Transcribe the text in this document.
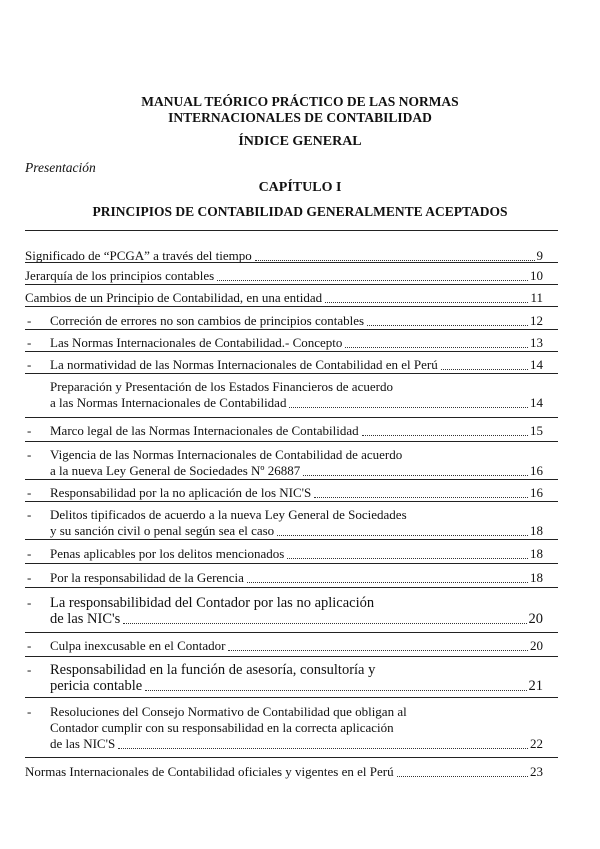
MANUAL TEÓRICO PRÁCTICO DE LAS NORMAS
INTERNACIONALES DE CONTABILIDAD
ÍNDICE GENERAL
Presentación
CAPÍTULO I
PRINCIPIOS DE CONTABILIDAD GENERALMENTE ACEPTADOS
Significado de “PCGA” a través del tiempo	9
Jerarquía de los principios contables	10
Cambios de un Principio de Contabilidad, en una entidad	11
Correción de errores no son cambios de principios contables	12
-
Las Normas Internacionales de Contabilidad.- Concepto	13
-
La normatividad de las Normas Internacionales de Contabilidad en el Perú	14
-
Preparación y Presentación de los Estados Financieros de acuerdo
a las Normas Internacionales de Contabilidad	14
Marco legal de las Normas Internacionales de Contabilidad	15
-
Vigencia de las Normas Internacionales de Contabilidad de acuerdo
a la nueva Ley General de Sociedades Nº 26887	16
-
Responsabilidad por la no aplicación de los NIC'S	16
-
Delitos tipificados de acuerdo a la nueva Ley General de Sociedades
y su sanción civil o penal según sea el caso	18
-
Penas aplicables por los delitos mencionados	18
-
Por la responsabilidad de la Gerencia	18
-
La responsabilibidad del Contador por las no aplicación
de las NIC's	20
-
Culpa inexcusable en el Contador	20
-
Responsabilidad en la función de asesoría, consultoría y
pericia contable	21
-
Resoluciones del Consejo Normativo de Contabilidad que obligan al
Contador cumplir con su responsabilidad en la correcta aplicación
de las NIC'S	22
-
Normas Internacionales de Contabilidad oficiales y vigentes en el Perú	23
